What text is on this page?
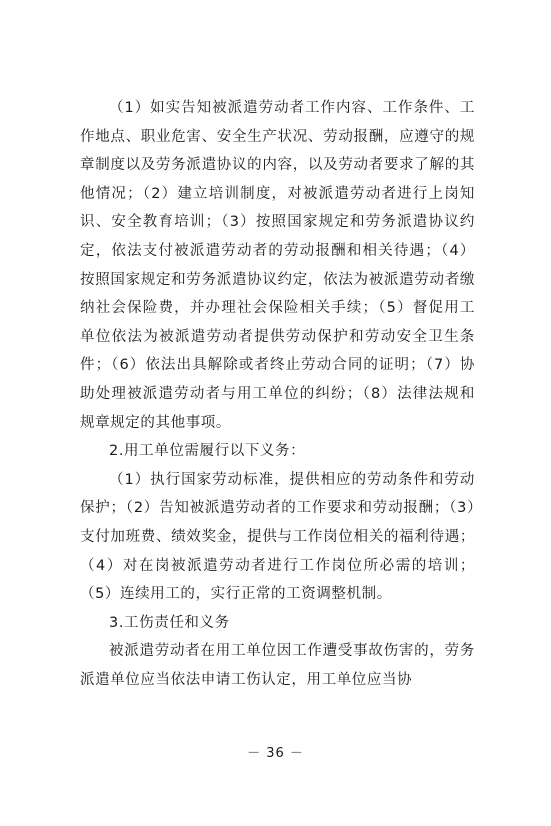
（1）如实告知被派遣劳动者工作内容、工作条件、工作地点、职业危害、安全生产状况、劳动报酬，应遵守的规章制度以及劳务派遣协议的内容，以及劳动者要求了解的其他情况；（2）建立培训制度，对被派遣劳动者进行上岗知识、安全教育培训；（3）按照国家规定和劳务派遣协议约定，依法支付被派遣劳动者的劳动报酬和相关待遇；（4）按照国家规定和劳务派遣协议约定，依法为被派遣劳动者缴纳社会保险费，并办理社会保险相关手续；（5）督促用工单位依法为被派遣劳动者提供劳动保护和劳动安全卫生条件；（6）依法出具解除或者终止劳动合同的证明；（7）协助处理被派遣劳动者与用工单位的纠纷；（8）法律法规和规章规定的其他事项。

2.用工单位需履行以下义务：

（1）执行国家劳动标准，提供相应的劳动条件和劳动保护；（2）告知被派遣劳动者的工作要求和劳动报酬；（3）支付加班费、绩效奖金，提供与工作岗位相关的福利待遇；（4）对在岗被派遣劳动者进行工作岗位所必需的培训；（5）连续用工的，实行正常的工资调整机制。

3.工伤责任和义务

被派遣劳动者在用工单位因工作遭受事故伤害的，劳务派遣单位应当依法申请工伤认定，用工单位应当协

－ 36 －
